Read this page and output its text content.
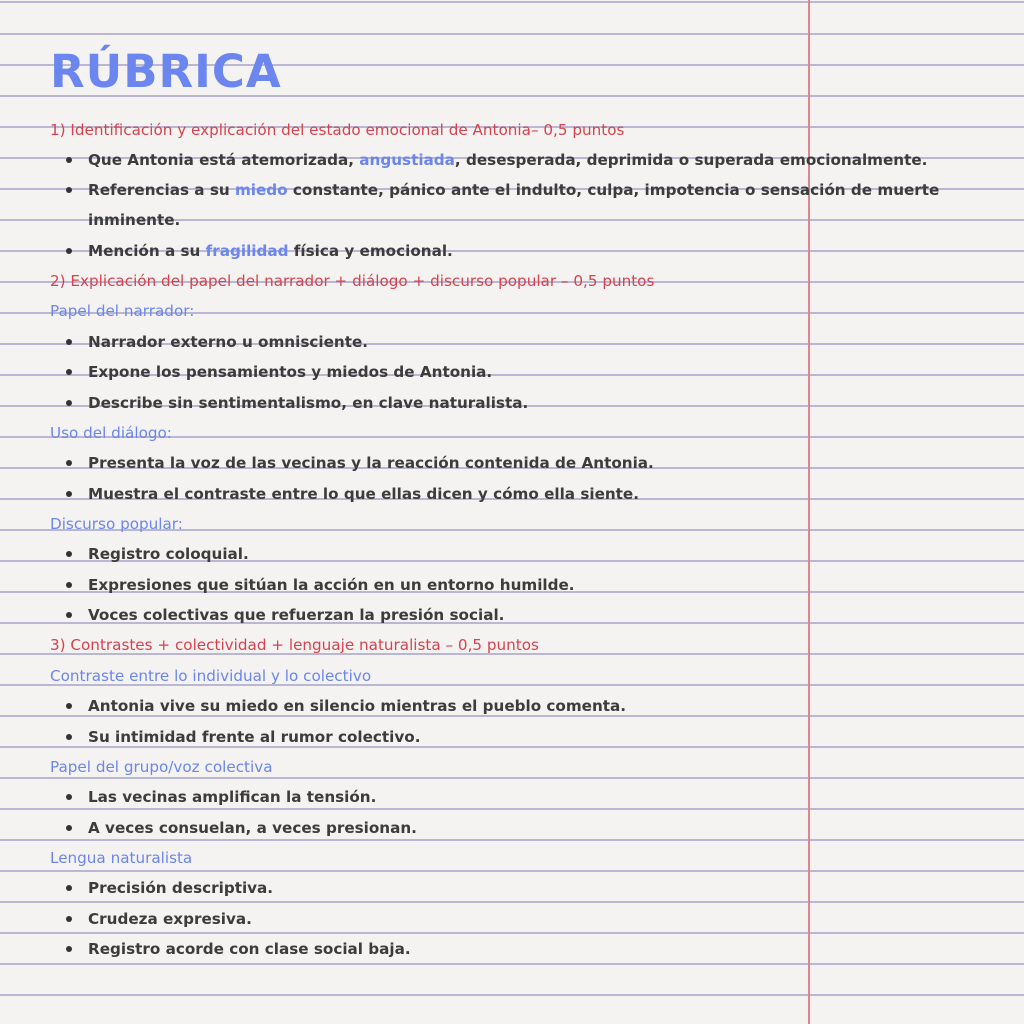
RÚBRICA
1) Identificación y explicación del estado emocional de Antonia– 0,5 puntos
Que Antonia está atemorizada, angustiada, desesperada, deprimida o superada emocionalmente.
Referencias a su miedo constante, pánico ante el indulto, culpa, impotencia o sensación de muerte
inminente.
Mención a su fragilidad física y emocional.
2) Explicación del papel del narrador + diálogo + discurso popular – 0,5 puntos
Papel del narrador:
Narrador externo u omnisciente.
Expone los pensamientos y miedos de Antonia.
Describe sin sentimentalismo, en clave naturalista.
Uso del diálogo:
Presenta la voz de las vecinas y la reacción contenida de Antonia.
Muestra el contraste entre lo que ellas dicen y cómo ella siente.
Discurso popular:
Registro coloquial.
Expresiones que sitúan la acción en un entorno humilde.
Voces colectivas que refuerzan la presión social.
3) Contrastes + colectividad + lenguaje naturalista – 0,5 puntos
Contraste entre lo individual y lo colectivo
Antonia vive su miedo en silencio mientras el pueblo comenta.
Su intimidad frente al rumor colectivo.
Papel del grupo/voz colectiva
Las vecinas amplifican la tensión.
A veces consuelan, a veces presionan.
Lengua naturalista
Precisión descriptiva.
Crudeza expresiva.
Registro acorde con clase social baja.
